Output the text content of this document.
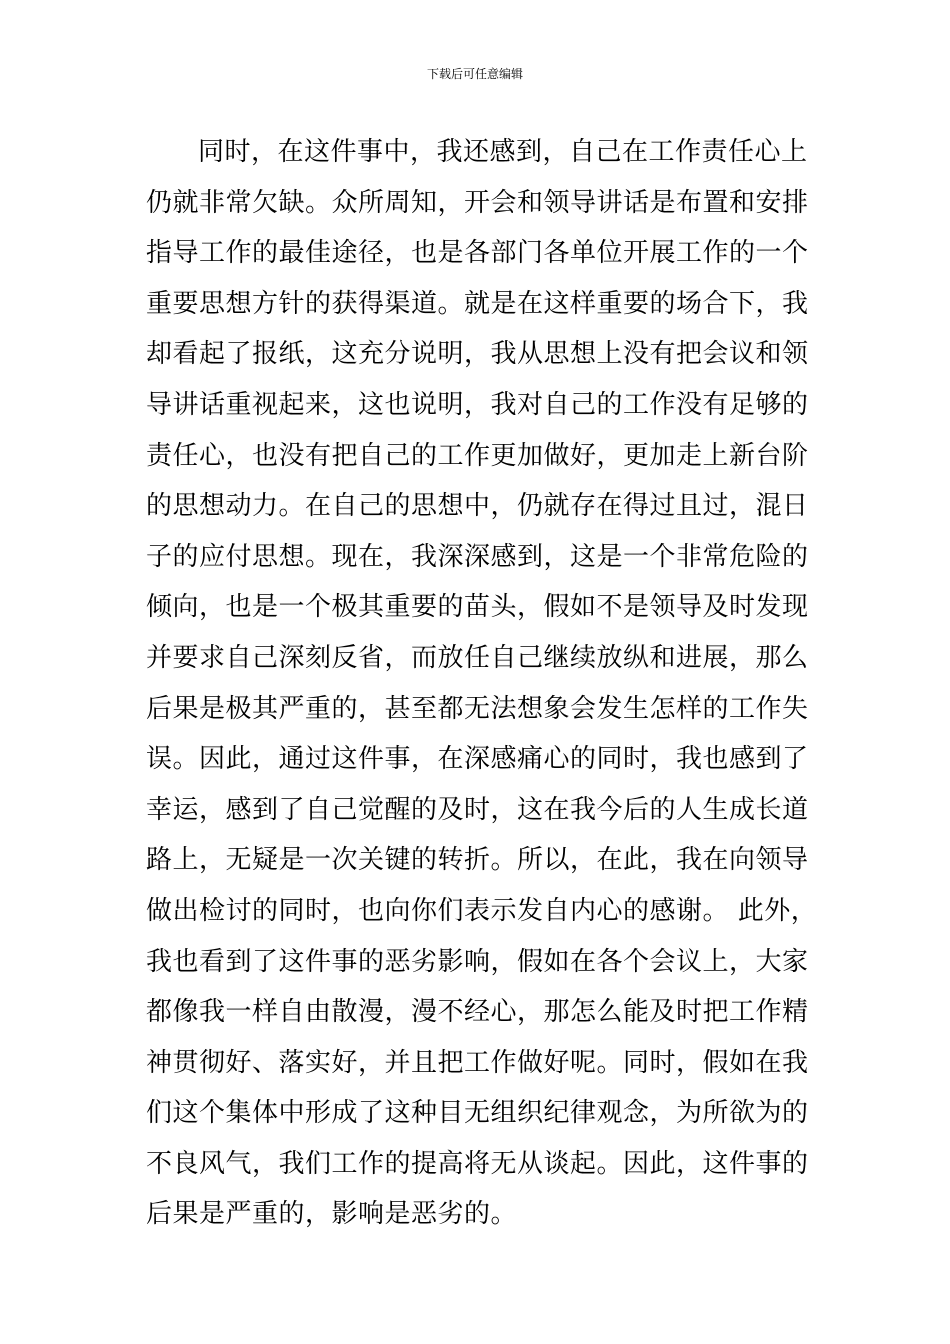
下载后可任意编辑
同时，在这件事中，我还感到，自己在工作责任心上
仍就非常欠缺。众所周知，开会和领导讲话是布置和安排
指导工作的最佳途径，也是各部门各单位开展工作的一个
重要思想方针的获得渠道。就是在这样重要的场合下，我
却看起了报纸，这充分说明，我从思想上没有把会议和领
导讲话重视起来，这也说明，我对自己的工作没有足够的
责任心，也没有把自己的工作更加做好，更加走上新台阶
的思想动力。在自己的思想中，仍就存在得过且过，混日
子的应付思想。现在，我深深感到，这是一个非常危险的
倾向，也是一个极其重要的苗头，假如不是领导及时发现
并要求自己深刻反省，而放任自己继续放纵和进展，那么
后果是极其严重的，甚至都无法想象会发生怎样的工作失
误。因此，通过这件事，在深感痛心的同时，我也感到了
幸运，感到了自己觉醒的及时，这在我今后的人生成长道
路上，无疑是一次关键的转折。所以，在此，我在向领导
做出检讨的同时，也向你们表示发自内心的感谢。 此外，
我也看到了这件事的恶劣影响，假如在各个会议上，大家
都像我一样自由散漫，漫不经心，那怎么能及时把工作精
神贯彻好、落实好，并且把工作做好呢。同时，假如在我
们这个集体中形成了这种目无组织纪律观念，为所欲为的
不良风气，我们工作的提高将无从谈起。因此，这件事的
后果是严重的，影响是恶劣的。
